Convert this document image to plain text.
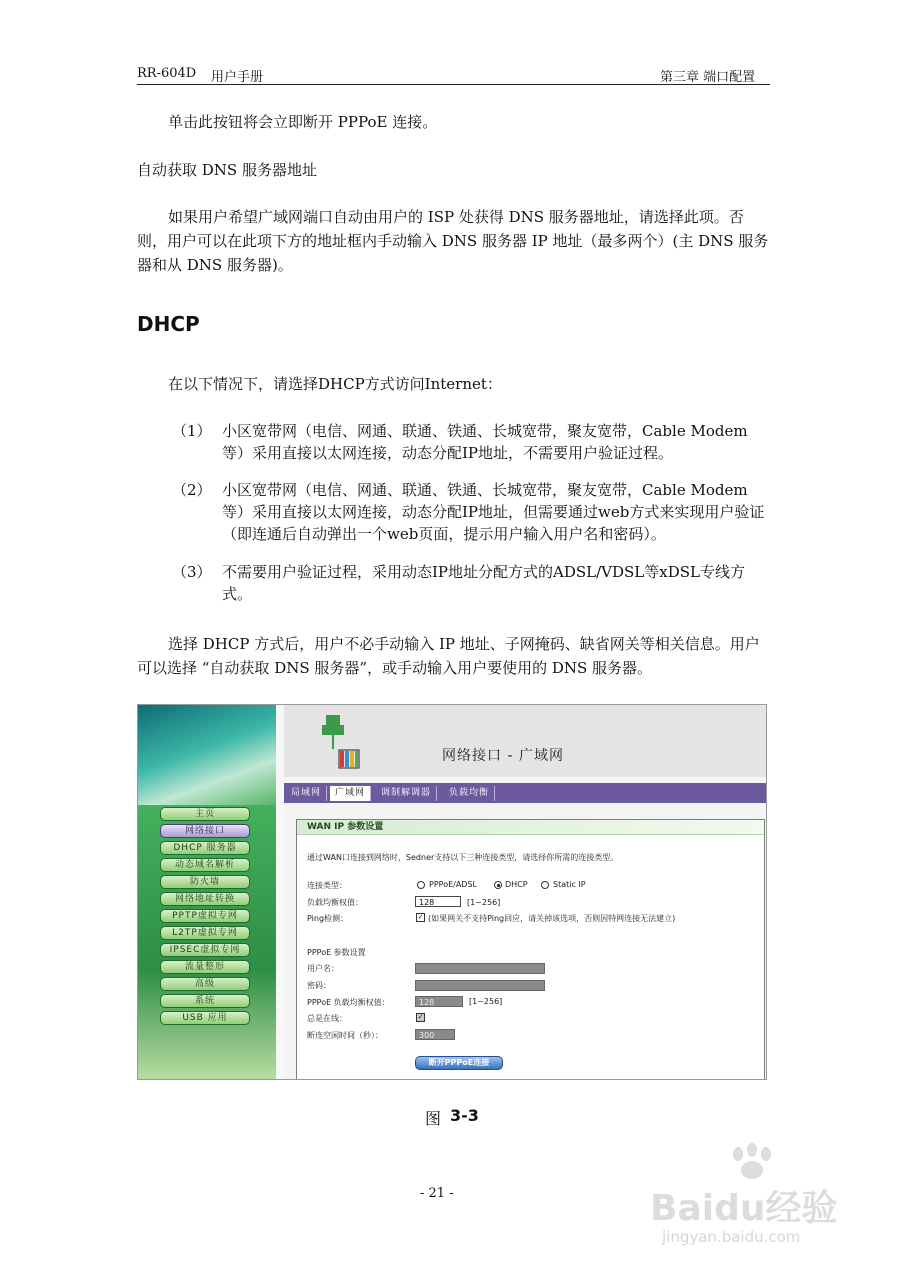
RR-604D 用户手册	第三章 端口配置
单击此按钮将会立即断开 PPPoE 连接。
自动获取 DNS 服务器地址
如果用户希望广域网端口自动由用户的 ISP 处获得 DNS 服务器地址，请选择此项。否则，用户可以在此项下方的地址框内手动输入 DNS 服务器 IP 地址（最多两个）(主 DNS 服务器和从 DNS 服务器)。
DHCP
在以下情况下，请选择DHCP方式访问Internet：
（1） 小区宽带网（电信、网通、联通、铁通、长城宽带，聚友宽带，Cable Modem等）采用直接以太网连接，动态分配IP地址，不需要用户验证过程。
（2） 小区宽带网（电信、网通、联通、铁通、长城宽带，聚友宽带，Cable Modem等）采用直接以太网连接，动态分配IP地址，但需要通过web方式来实现用户验证（即连通后自动弹出一个web页面，提示用户输入用户名和密码）。
（3） 不需要用户验证过程，采用动态IP地址分配方式的ADSL/VDSL等xDSL专线方式。
选择 DHCP 方式后，用户不必手动输入 IP 地址、子网掩码、缺省网关等相关信息。用户可以选择 “自动获取 DNS 服务器”，或手动输入用户要使用的 DNS 服务器。
主页
网络接口
DHCP 服务器
动态域名解析
防火墙
网络地址转换
PPTP虚拟专网
L2TP虚拟专网
IPSEC虚拟专网
流量整形
高级
系统
USB 应用
网络接口 - 广域网
局域网	广域网	调制解调器	负载均衡
WAN IP 参数设置
通过WAN口连接到网络时，Sedner支持以下三种连接类型，请选择你所需的连接类型。
连接类型：	PPPoE/ADSL	DHCP	Static IP
负载均衡权值：	128	[1~256]
Ping检测：	✓ (如果网关不支持Ping回应，请关掉该选项，否则因特网连接无法建立)
PPPoE 参数设置
用户名：
密码：
PPPoE 负载均衡权值：	128	[1~256]
总是在线：	✓
断连空闲时间（秒）：	300
断开PPPoE连接
图 3-3
- 21 -	Baidu经验
jingyan.baidu.com
